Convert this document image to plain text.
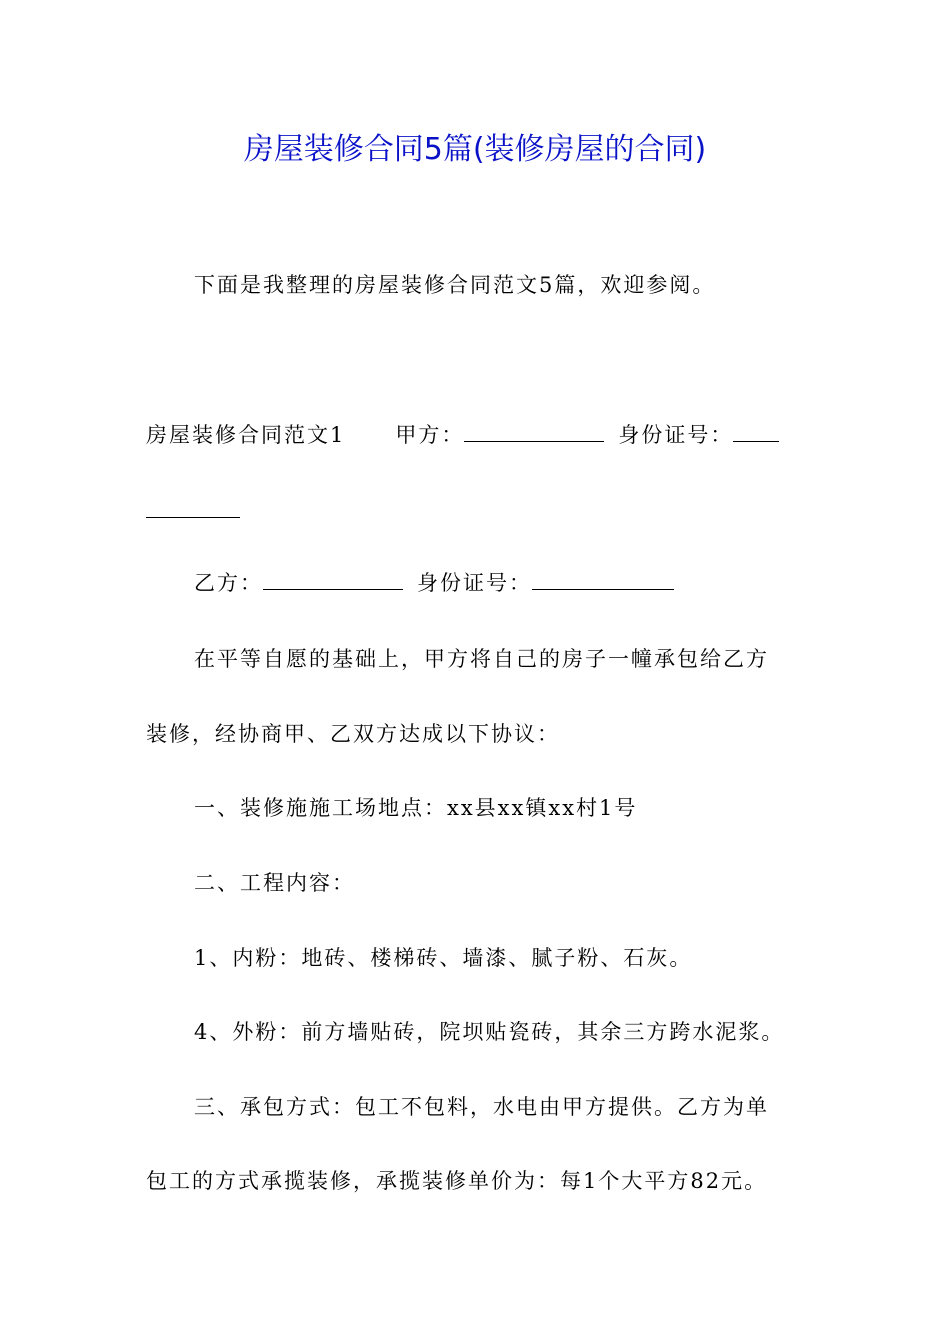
房屋装修合同5篇(装修房屋的合同)
下面是我整理的房屋装修合同范文5篇，欢迎参阅。
房屋装修合同范文1 甲方：	身份证号：
乙方：	身份证号：
在平等自愿的基础上，甲方将自己的房子一幢承包给乙方
装修，经协商甲、乙双方达成以下协议：
一、装修施施工场地点：xx县xx镇xx村1号
二、工程内容：
1、内粉：地砖、楼梯砖、墙漆、腻子粉、石灰。
4、外粉：前方墙贴砖，院坝贴瓷砖，其余三方跨水泥浆。
三、承包方式：包工不包料，水电由甲方提供。乙方为单
包工的方式承揽装修，承揽装修单价为：每1个大平方82元。
